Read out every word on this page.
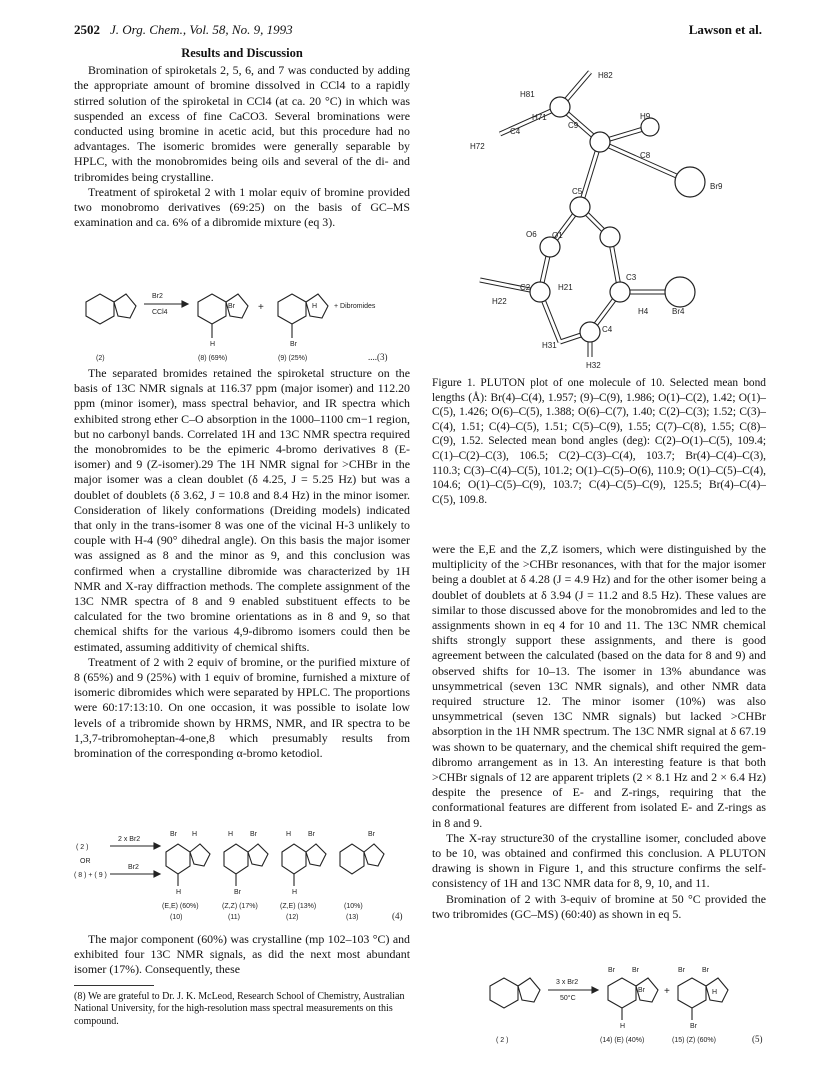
2502 J. Org. Chem., Vol. 58, No. 9, 1993	Lawson et al.
Results and Discussion

Bromination of spiroketals 2, 5, 6, and 7 was conducted by adding the appropriate amount of bromine dissolved in CCl4 to a rapidly stirred solution of the spiroketal in CCl4 (at ca. 20 °C) in which was suspended an excess of fine CaCO3. Several brominations were conducted using bromine in acetic acid, but this procedure had no advantages. The isomeric bromides were generally separable by HPLC, with the monobromides being oils and several of the di- and tribromides being crystalline.

Treatment of spiroketal 2 with 1 molar equiv of bromine provided two monobromo derivatives (69:25) on the basis of GC–MS examination and ca. 6% of a dibromide mixture (eq 3).

Br2
CCl4
Br
H
+	H
Br
+ Dibromides
(2)	(8) (69%)	(9) (25%)	....(3)

The separated bromides retained the spiroketal structure on the basis of 13C NMR signals at 116.37 ppm (major isomer) and 112.20 ppm (minor isomer), mass spectral behavior, and IR spectra which exhibited strong ether C–O absorption in the 1000–1100 cm−1 region, but no carbonyl bands. Correlated 1H and 13C NMR spectra required the monobromides to be the epimeric 4-bromo derivatives 8 (E-isomer) and 9 (Z-isomer).29 The 1H NMR signal for >CHBr in the major isomer was a clean doublet (δ 4.25, J = 5.25 Hz) but was a doublet of doublets (δ 3.62, J = 10.8 and 8.4 Hz) in the minor isomer. Consideration of likely conformations (Dreiding models) indicated that only in the trans-isomer 8 was one of the vicinal H-3 unlikely to couple with H-4 (90° dihedral angle). On this basis the major isomer was assigned as 8 and the minor as 9, and this conclusion was confirmed when a crystalline dibromide was characterized by 1H NMR and X-ray diffraction methods. The complete assignment of the 13C NMR spectra of 8 and 9 enabled substituent effects to be calculated for the two bromine orientations as in 8 and 9, so that chemical shifts for the various 4,9-dibromo isomers could then be estimated, assuming additivity of chemical shifts.

Treatment of 2 with 2 equiv of bromine, or the purified mixture of 8 (65%) and 9 (25%) with 1 equiv of bromine, furnished a mixture of isomeric dibromides which were separated by HPLC. The proportions were 60:17:13:10. On one occasion, it was possible to isolate low levels of a tribromide shown by HRMS, NMR, and IR spectra to be 1,3,7-tribromoheptan-4-one,8 which presumably results from bromination of the corresponding α-bromo ketodiol.

( 2 )
2 x Br2
OR
( 8 ) + ( 9 )
Br2
Br H
H
H Br
Br
H Br
H
Br
(E,E) (60%)	(Z,Z) (17%)	(Z,E) (13%)	(10%)
(10)	(11)	(12)	(13)	(4)

The major component (60%) was crystalline (mp 102–103 °C) and exhibited four 13C NMR signals, as did the next most abundant isomer (17%). Consequently, these

(8) We are grateful to Dr. J. K. McLeod, Research School of Chemistry, Australian National University, for the high-resolution mass spectral measurements on this compound.
H82
H81
H71
C9
H9
C4
H72
C8
Br9
C5
O6 O1
C2	H21
C3
H22
H4	Br4
C4
H31
H32
Figure 1. PLUTON plot of one molecule of 10. Selected mean bond lengths (Å): Br(4)–C(4), 1.957; (9)–C(9), 1.986; O(1)–C(2), 1.42; O(1)–C(5), 1.426; O(6)–C(5), 1.388; O(6)–C(7), 1.40; C(2)–C(3); 1.52; C(3)–C(4), 1.51; C(4)–C(5), 1.51; C(5)–C(9), 1.55; C(7)–C(8), 1.55; C(8)–C(9), 1.52. Selected mean bond angles (deg): C(2)–O(1)–C(5), 109.4; C(1)–C(2)–C(3), 106.5; C(2)–C(3)–C(4), 103.7; Br(4)–C(4)–C(3), 110.3; C(3)–C(4)–C(5), 101.2; O(1)–C(5)–O(6), 110.9; O(1)–C(5)–C(4), 104.6; O(1)–C(5)–C(9), 103.7; C(4)–C(5)–C(9), 125.5; Br(4)–C(4)–C(5), 109.8.

were the E,E and the Z,Z isomers, which were distinguished by the multiplicity of the >CHBr resonances, with that for the major isomer being a doublet at δ 4.28 (J = 4.9 Hz) and for the other isomer being a doublet of doublets at δ 3.94 (J = 11.2 and 8.5 Hz). These values are similar to those discussed above for the monobromides and led to the assignments shown in eq 4 for 10 and 11. The 13C NMR chemical shifts strongly support these assignments, and there is good agreement between the calculated (based on the data for 8 and 9) and observed shifts for 10–13. The isomer in 13% abundance was unsymmetrical (seven 13C NMR signals), and other NMR data required structure 12. The minor isomer (10%) was also unsymmetrical (seven 13C NMR signals) but lacked >CHBr absorption in the 1H NMR spectrum. The 13C NMR signal at δ 67.19 was shown to be quaternary, and the chemical shift required the gem-dibromo arrangement as in 13. An interesting feature is that both >CHBr signals of 12 are apparent triplets (2 × 8.1 Hz and 2 × 6.4 Hz) despite the presence of E- and Z-rings, requiring that the conformational features are different from isolated E- and Z-rings as in 8 and 9.

The X-ray structure30 of the crystalline isomer, concluded above to be 10, was obtained and confirmed this conclusion. A PLUTON drawing is shown in Figure 1, and this structure confirms the self-consistency of 1H and 13C NMR data for 8, 9, 10, and 11.

Bromination of 2 with 3-equiv of bromine at 50 °C provided the two tribromides (GC–MS) (60:40) as shown in eq 5.

3 x Br2
50°C
Br Br
Br
H
+
Br Br
H
Br
( 2 )	(14) (E) (40%)	(15) (Z) (60%)	(5)
